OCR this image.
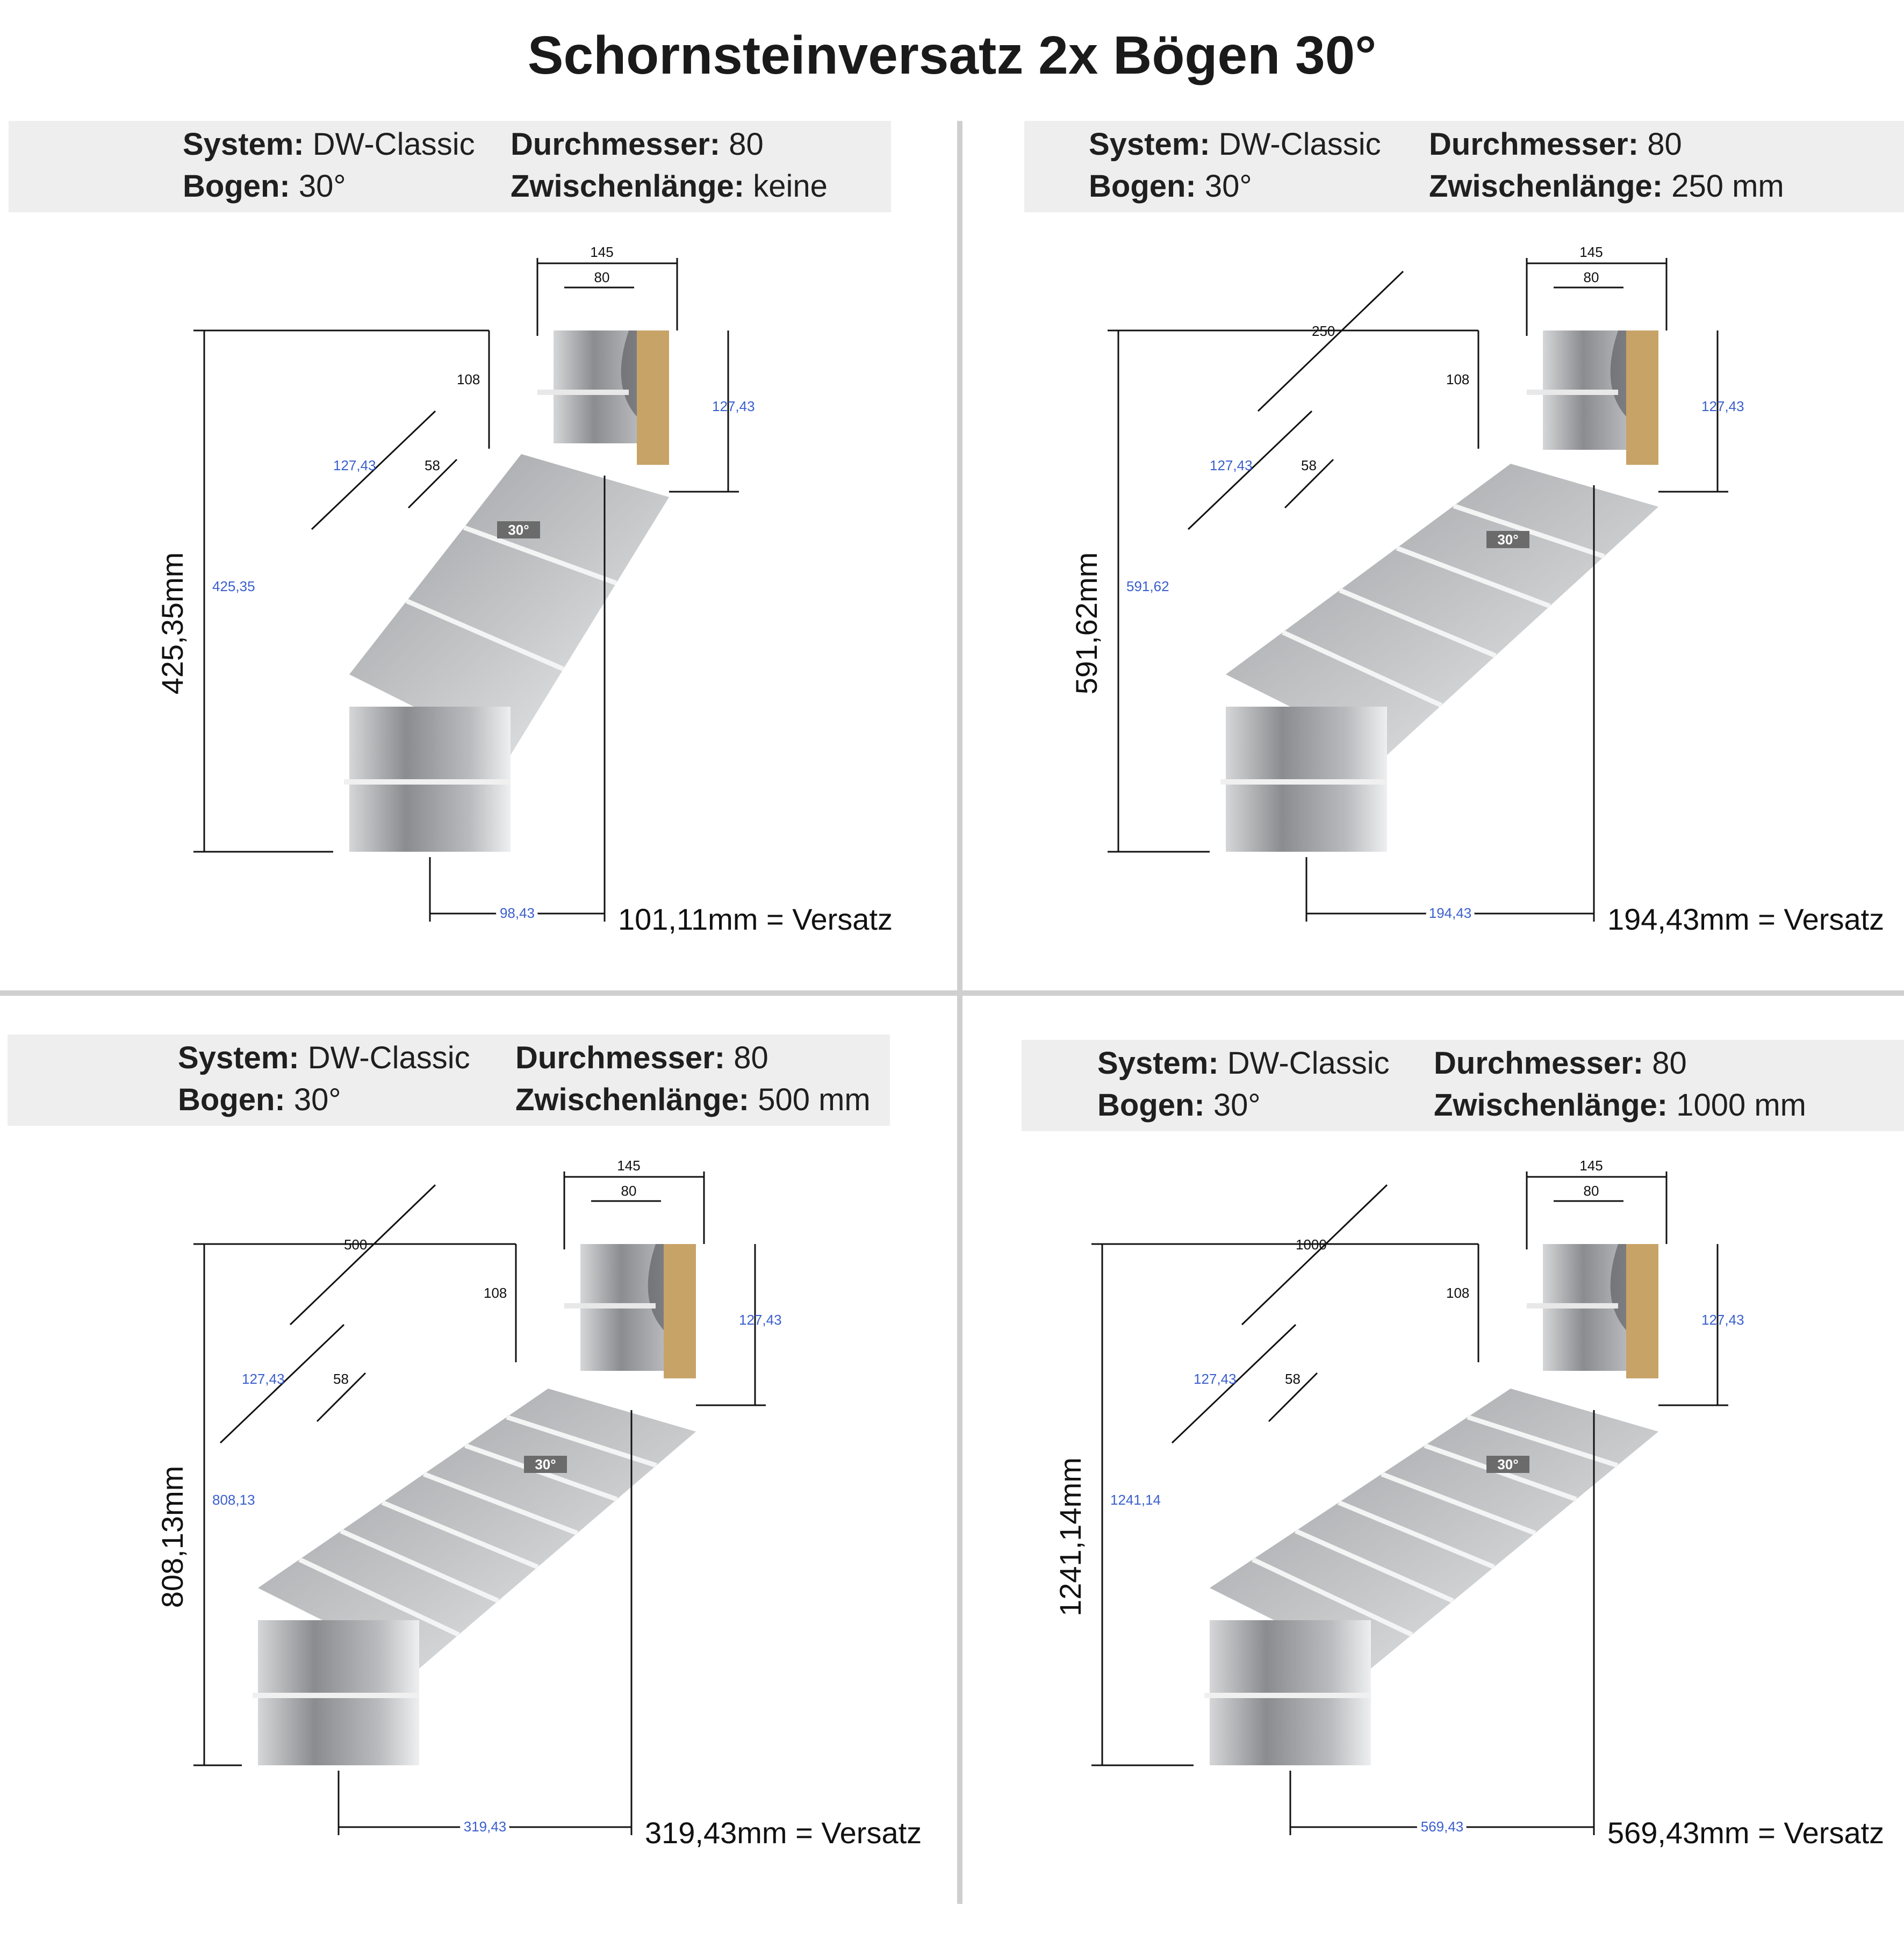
Schornsteinversatz 2x Bögen 30°
System: DW-Classic
Bogen: 30°
Durchmesser: 80
Zwischenlänge: keine
30°
145
80
108
127,43
425,35
425,35mm
127,43	58
98,43	101,11mm = Versatz
System: DW-Classic
Bogen: 30°
Durchmesser: 80
Zwischenlänge: 250 mm
30°
145
80
108
127,43
591,62
591,62mm
127,43	58
250
194,43	194,43mm = Versatz
System: DW-Classic
Bogen: 30°
Durchmesser: 80
Zwischenlänge: 500 mm
30°
145
80
108
127,43
808,13
808,13mm
127,43	58
500
319,43	319,43mm = Versatz
System: DW-Classic
Bogen: 30°
Durchmesser: 80
Zwischenlänge: 1000 mm
30°
145
80
108
127,43
1241,14
1241,14mm
127,43	58
1000
569,43	569,43mm = Versatz
